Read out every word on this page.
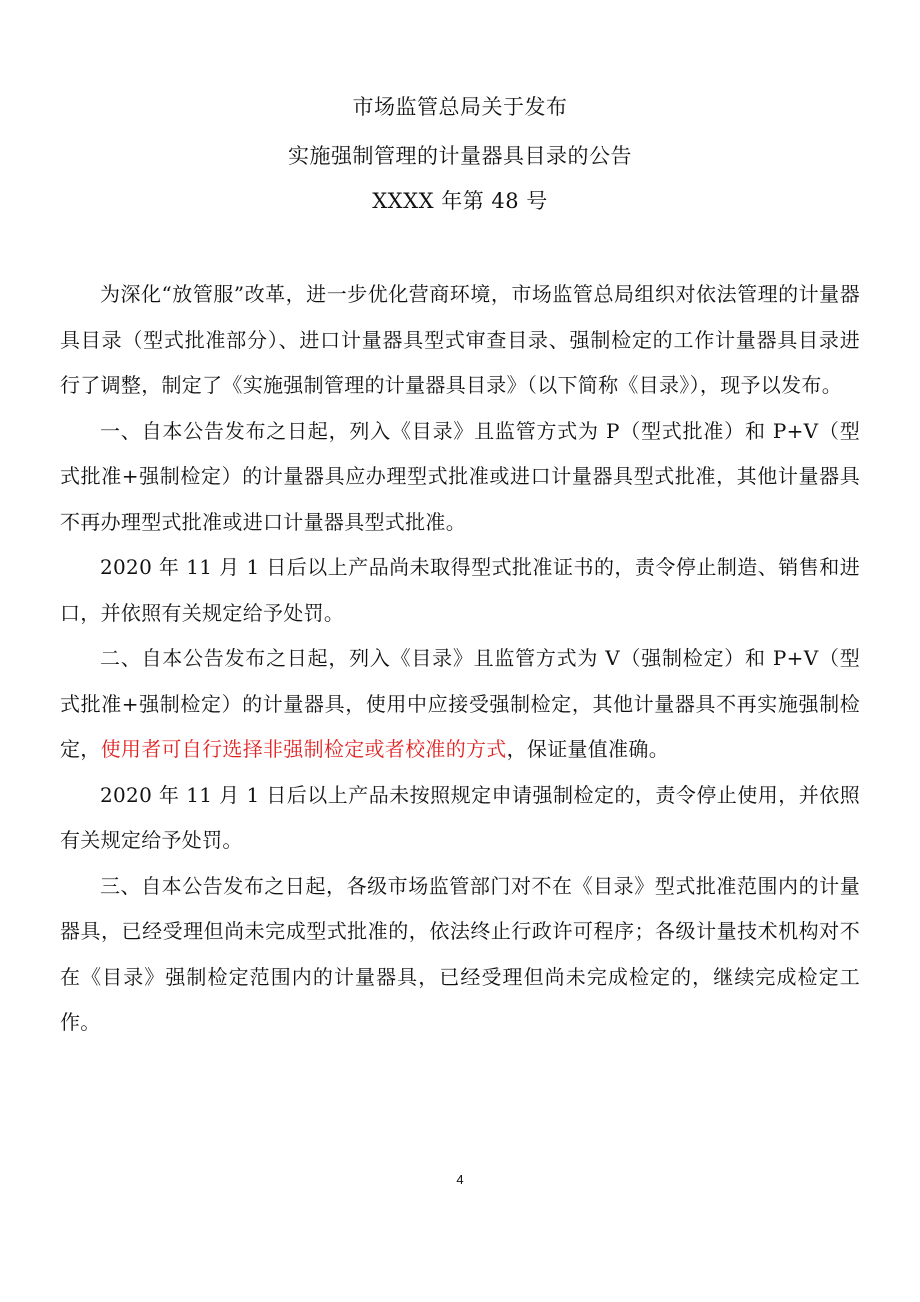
市场监管总局关于发布
实施强制管理的计量器具目录的公告
XXXX 年第 48 号

为深化“放管服”改革，进一步优化营商环境，市场监管总局组织对依法管理的计量器具目录（型式批准部分）、进口计量器具型式审查目录、强制检定的工作计量器具目录进行了调整，制定了《实施强制管理的计量器具目录》（以下简称《目录》），现予以发布。

一、自本公告发布之日起，列入《目录》且监管方式为 P（型式批准）和 P+V（型式批准+强制检定）的计量器具应办理型式批准或进口计量器具型式批准，其他计量器具不再办理型式批准或进口计量器具型式批准。

2020 年 11 月 1 日后以上产品尚未取得型式批准证书的，责令停止制造、销售和进口，并依照有关规定给予处罚。

二、自本公告发布之日起，列入《目录》且监管方式为 V（强制检定）和 P+V（型式批准+强制检定）的计量器具，使用中应接受强制检定，其他计量器具不再实施强制检定，使用者可自行选择非强制检定或者校准的方式，保证量值准确。

2020 年 11 月 1 日后以上产品未按照规定申请强制检定的，责令停止使用，并依照有关规定给予处罚。

三、自本公告发布之日起，各级市场监管部门对不在《目录》型式批准范围内的计量器具，已经受理但尚未完成型式批准的，依法终止行政许可程序；各级计量技术机构对不在《目录》强制检定范围内的计量器具，已经受理但尚未完成检定的，继续完成检定工作。

4
